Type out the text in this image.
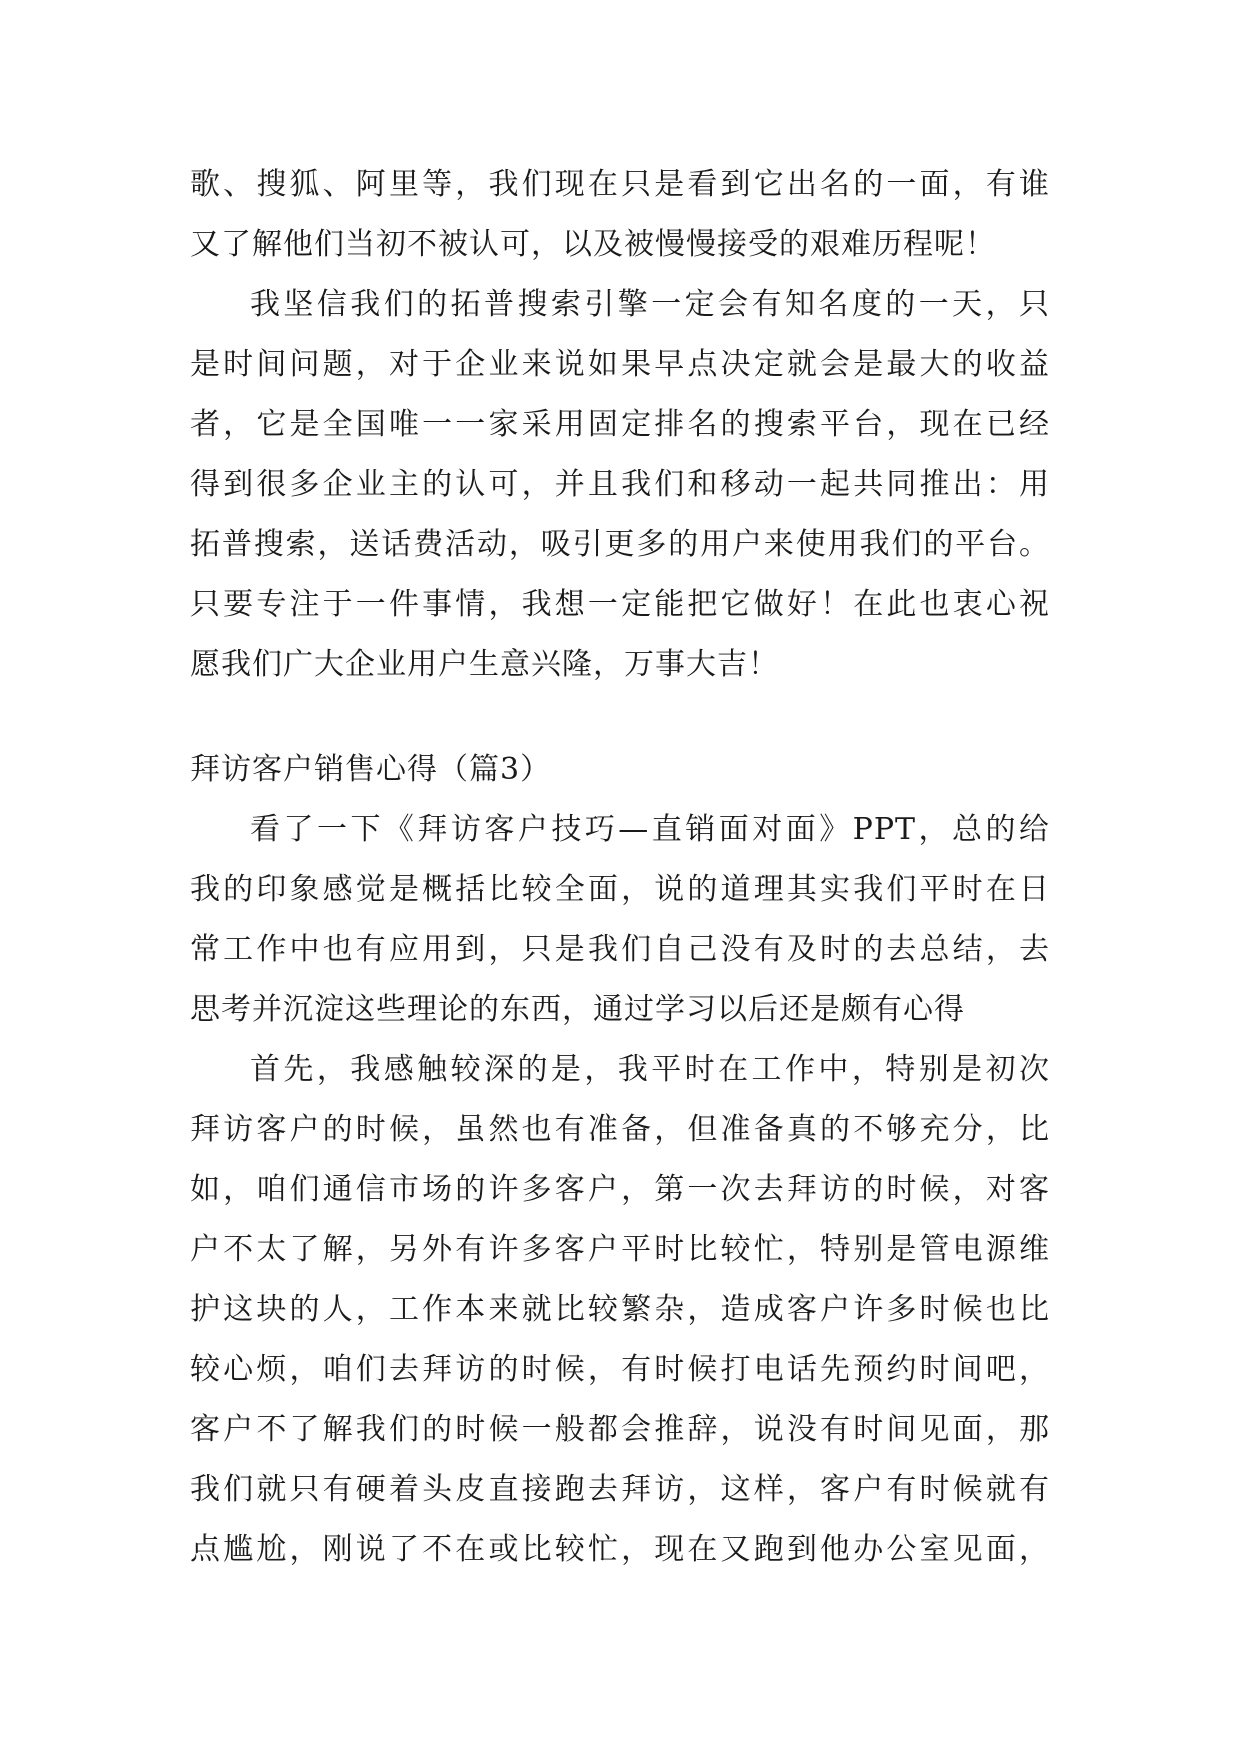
歌、搜狐、阿里等，我们现在只是看到它出名的一面，有谁
又了解他们当初不被认可，以及被慢慢接受的艰难历程呢！
我坚信我们的拓普搜索引擎一定会有知名度的一天，只
是时间问题，对于企业来说如果早点决定就会是最大的收益
者，它是全国唯一一家采用固定排名的搜索平台，现在已经
得到很多企业主的认可，并且我们和移动一起共同推出：用
拓普搜索，送话费活动，吸引更多的用户来使用我们的平台。
只要专注于一件事情，我想一定能把它做好！在此也衷心祝
愿我们广大企业用户生意兴隆，万事大吉！
拜访客户销售心得（篇3）
看了一下《拜访客户技巧—直销面对面》PPT，总的给
我的印象感觉是概括比较全面，说的道理其实我们平时在日
常工作中也有应用到，只是我们自己没有及时的去总结，去
思考并沉淀这些理论的东西，通过学习以后还是颇有心得
首先，我感触较深的是，我平时在工作中，特别是初次
拜访客户的时候，虽然也有准备，但准备真的不够充分，比
如，咱们通信市场的许多客户，第一次去拜访的时候，对客
户不太了解，另外有许多客户平时比较忙，特别是管电源维
护这块的人，工作本来就比较繁杂，造成客户许多时候也比
较心烦，咱们去拜访的时候，有时候打电话先预约时间吧，
客户不了解我们的时候一般都会推辞，说没有时间见面，那
我们就只有硬着头皮直接跑去拜访，这样，客户有时候就有
点尴尬，刚说了不在或比较忙，现在又跑到他办公室见面，
